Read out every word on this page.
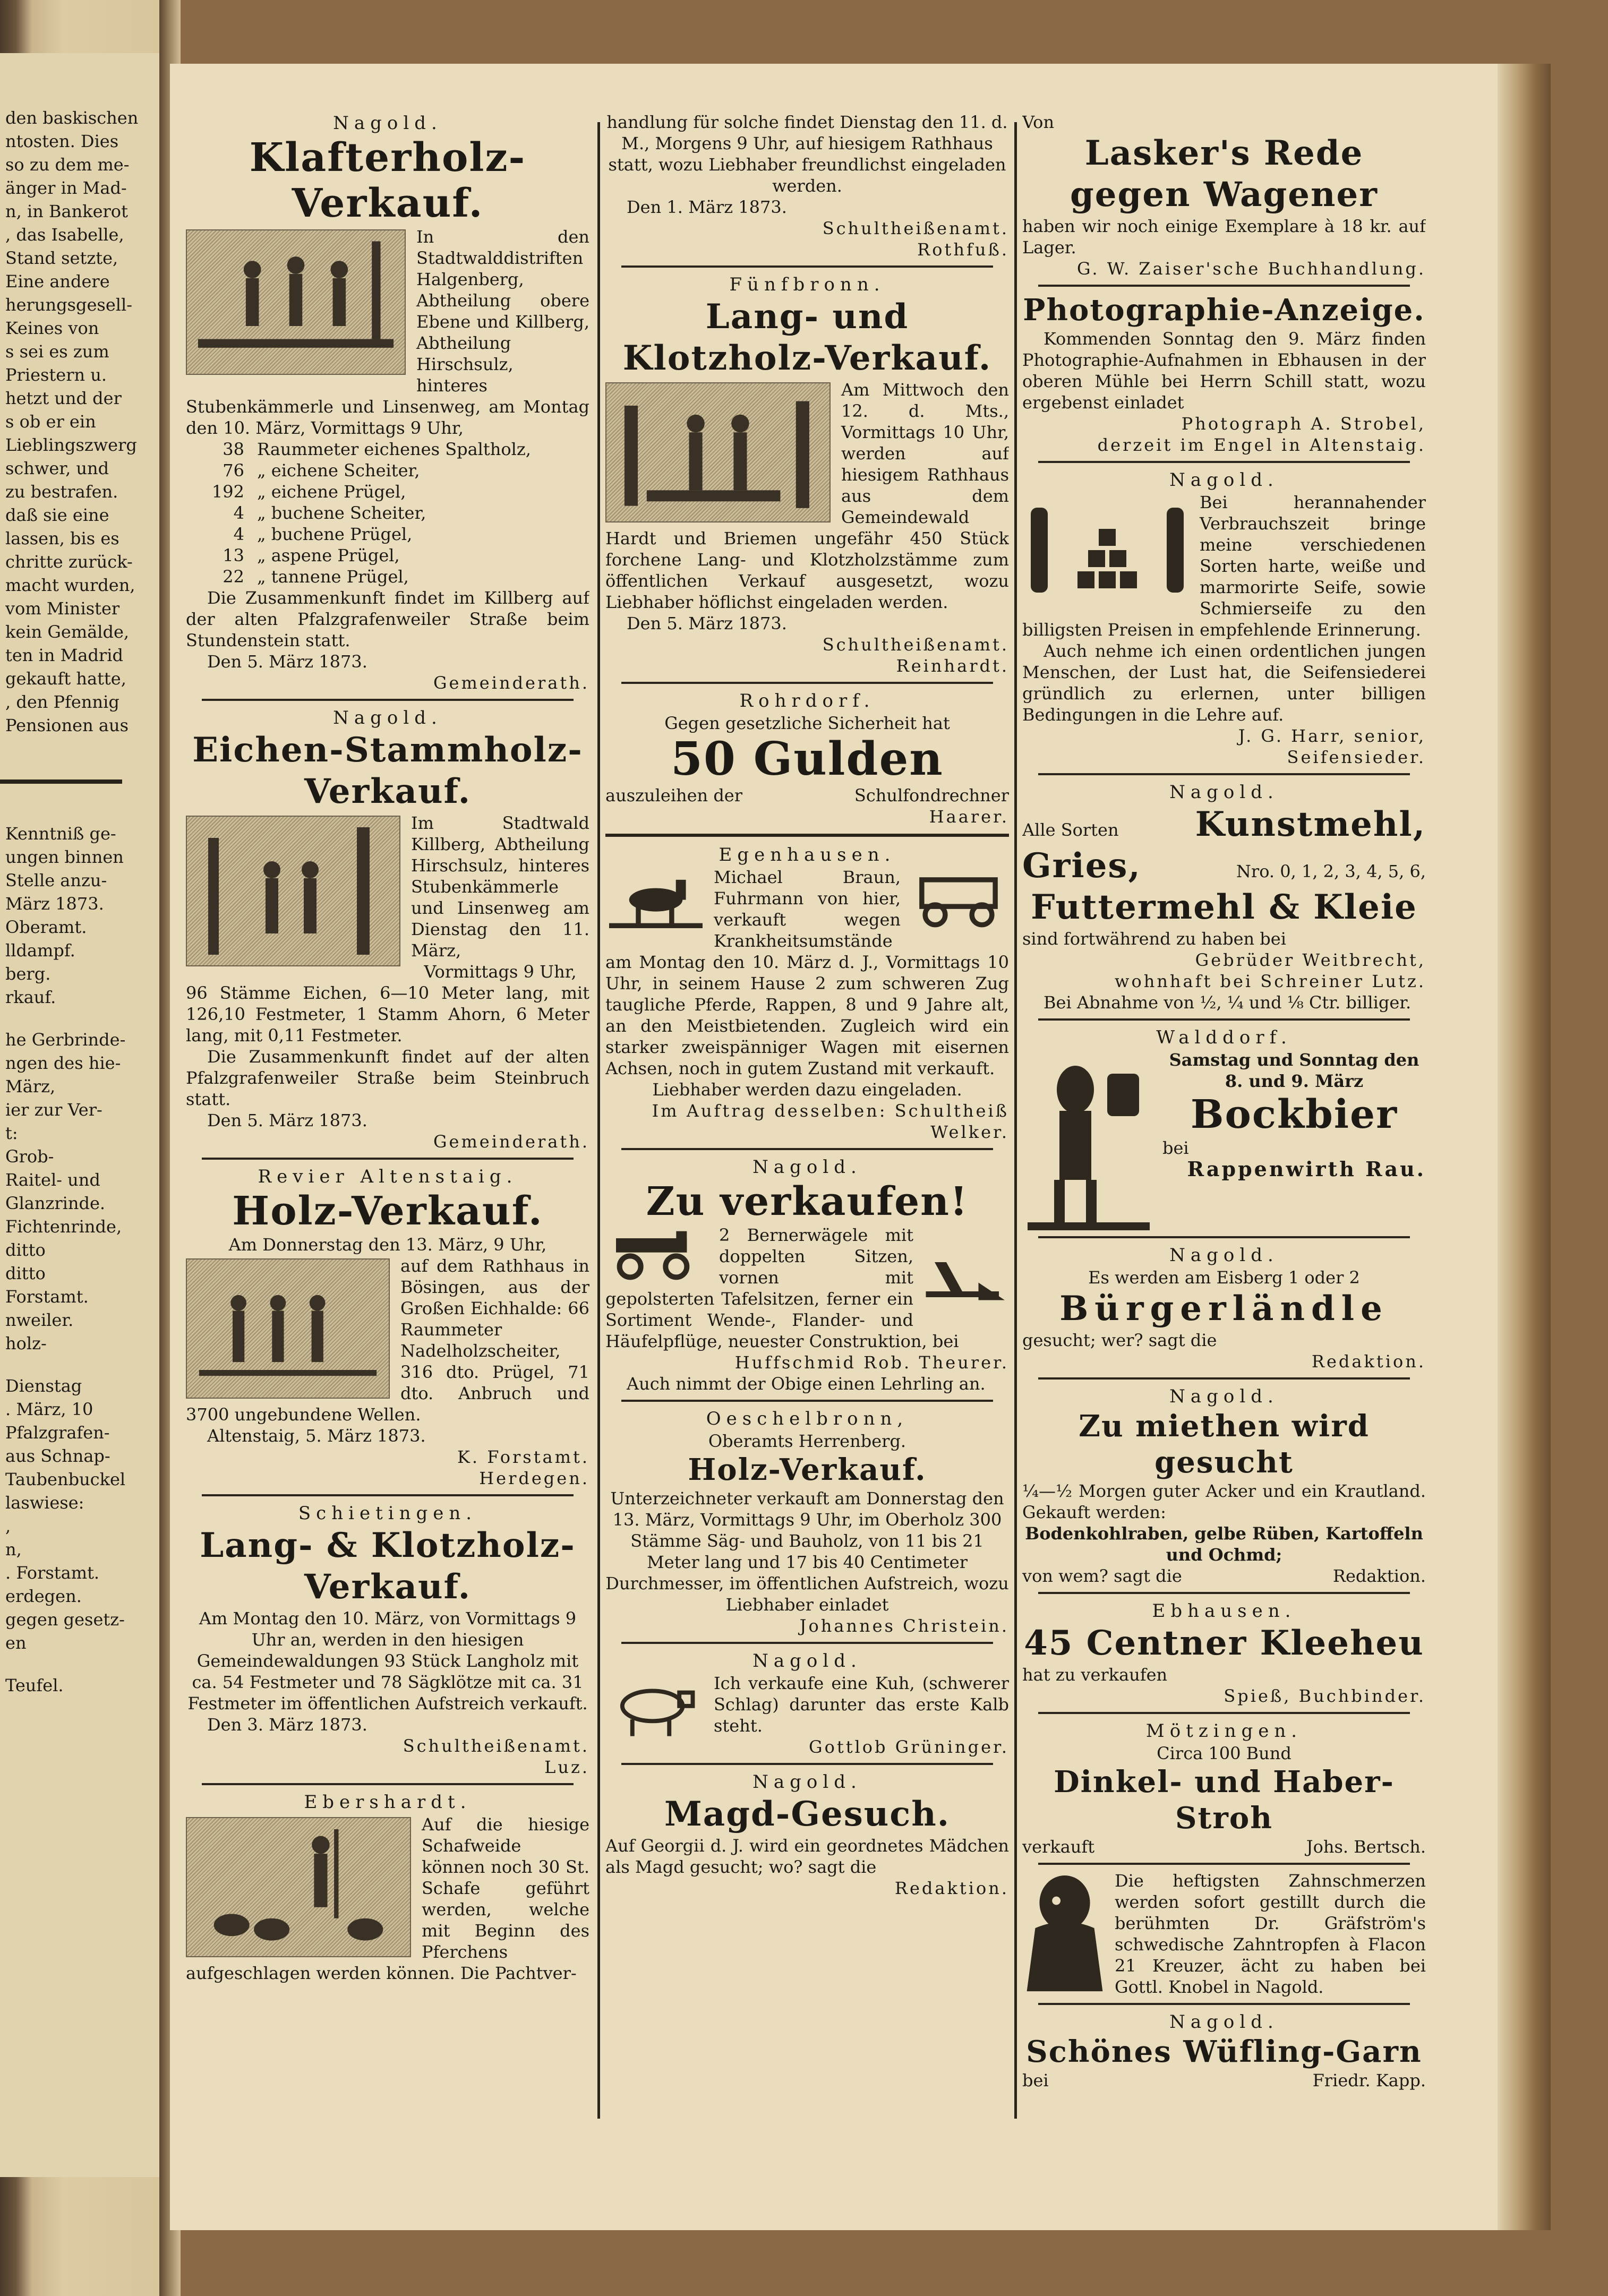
den baskischen
ntosten. Dies
so zu dem me-
änger in Mad-
n, in Bankerot
, das Isabelle,
Stand setzte,
Eine andere
herungsgesell-
Keines von
s sei es zum
Priestern u.
hetzt und der
s ob er ein
Lieblingszwerg
schwer, und
zu bestrafen.
daß sie eine
lassen, bis es
chritte zurück-
macht wurden,
vom Minister
kein Gemälde,
ten in Madrid
gekauft hatte,
, den Pfennig
Pensionen aus
Kenntniß ge-
ungen binnen
Stelle anzu-
März 1873.
Oberamt.
lldampf.
berg.
rkauf.
he Gerbrinde-
ngen des hie-
März,
ier zur Ver-
t:
Grob-
Raitel- und
Glanzrinde.
Fichtenrinde,
ditto
ditto
Forstamt.
nweiler.
holz-
Dienstag
. März, 10
Pfalzgrafen-
aus Schnap-
Taubenbuckel
laswiese:
,
n,
. Forstamt.
erdegen.
gegen gesetz-
en
Teufel.
Nagold.
Klafterholz-Verkauf.

In den Stadtwalddistriften Halgenberg, Abtheilung obere Ebene und Killberg, Abtheilung Hirschsulz, hinteres Stubenkämmerle und Linsenweg, am Montag den 10. März, Vormittags 9 Uhr,

38 Raummeter eichenes Spaltholz,
76 „ eichene Scheiter,
192 „ eichene Prügel,
4 „ buchene Scheiter,
4 „ buchene Prügel,
13 „ aspene Prügel,
22 „ tannene Prügel,

Die Zusammenkunft findet im Killberg auf der alten Pfalzgrafenweiler Straße beim Stundenstein statt.

Den 5. März 1873.
Gemeinderath.
Nagold.
Eichen-Stammholz-Verkauf.

Im Stadtwald Killberg, Abtheilung Hirschsulz, hinteres Stubenkämmerle und Linsenweg am Dienstag den 11. März,

Vormittags 9 Uhr,

96 Stämme Eichen, 6—10 Meter lang, mit 126,10 Festmeter, 1 Stamm Ahorn, 6 Meter lang, mit 0,11 Festmeter.

Die Zusammenkunft findet auf der alten Pfalzgrafenweiler Straße beim Steinbruch statt.

Den 5. März 1873.
Gemeinderath.
Revier Altenstaig.
Holz-Verkauf.
Am Donnerstag den 13. März, 9 Uhr,

auf dem Rathhaus in Bösingen, aus der Großen Eichhalde: 66 Raummeter Nadelholzscheiter, 316 dto. Prügel, 71 dto. Anbruch und 3700 ungebundene Wellen.

Altenstaig, 5. März 1873.
K. Forstamt.
Herdegen.
Schietingen.
Lang- & Klotzholz-Verkauf.

Am Montag den 10. März, von Vormittags 9 Uhr an, werden in den hiesigen Gemeindewaldungen 93 Stück Langholz mit ca. 54 Festmeter und 78 Sägklötze mit ca. 31 Festmeter im öffentlichen Aufstreich verkauft.

Den 3. März 1873.
Schultheißenamt.
Luz.
Ebershardt.

Auf die hiesige Schafweide können noch 30 St. Schafe geführt werden, welche mit Beginn des Pferchens aufgeschlagen werden können. Die Pachtver-

handlung für solche findet Dienstag den 11. d. M., Morgens 9 Uhr, auf hiesigem Rathhaus statt, wozu Liebhaber freundlichst eingeladen werden.

Den 1. März 1873.
Schultheißenamt.
Rothfuß.
Fünfbronn.
Lang- und Klotzholz-Verkauf.

Am Mittwoch den 12. d. Mts., Vormittags 10 Uhr, werden auf hiesigem Rathhaus aus dem Gemeindewald Hardt und Briemen ungefähr 450 Stück forchene Lang- und Klotzholzstämme zum öffentlichen Verkauf ausgesetzt, wozu Liebhaber höflichst eingeladen werden.

Den 5. März 1873.
Schultheißenamt.
Reinhardt.
Rohrdorf.
Gegen gesetzliche Sicherheit hat
50 Gulden
auszuleihen der	Schulfondrechner
Haarer.
Egenhausen.

Michael Braun, Fuhrmann von hier, verkauft wegen Krankheitsumstände am Montag den 10. März d. J., Vormittags 10 Uhr, in seinem Hause 2 zum schweren Zug taugliche Pferde, Rappen, 8 und 9 Jahre alt, an den Meistbietenden. Zugleich wird ein starker zweispänniger Wagen mit eisernen Achsen, noch in gutem Zustand mit verkauft.

Liebhaber werden dazu eingeladen.
Im Auftrag desselben: Schultheiß Welker.
Nagold.
Zu verkaufen!

2 Bernerwägele mit doppelten Sitzen, vornen mit gepolsterten Tafelsitzen, ferner ein Sortiment Wende-, Flander- und Häufelpflüge, neuester Construktion, bei

Huffschmid Rob. Theurer.

Auch nimmt der Obige einen Lehrling an.

Oeschelbronn,
Oberamts Herrenberg.
Holz-Verkauf.

Unterzeichneter verkauft am Donnerstag den 13. März, Vormittags 9 Uhr, im Oberholz 300 Stämme Säg- und Bauholz, von 11 bis 21 Meter lang und 17 bis 40 Centimeter Durchmesser, im öffentlichen Aufstreich, wozu Liebhaber einladet

Johannes Christein.
Nagold.

Ich verkaufe eine Kuh, (schwerer Schlag) darunter das erste Kalb steht.

Gottlob Grüninger.
Nagold.
Magd-Gesuch.

Auf Georgii d. J. wird ein geordnetes Mädchen als Magd gesucht; wo? sagt die

Redaktion.
Von
Lasker's Rede gegen Wagener

haben wir noch einige Exemplare à 18 kr. auf Lager.

G. W. Zaiser'sche Buchhandlung.
Photographie-Anzeige.

Kommenden Sonntag den 9. März finden Photographie-Aufnahmen in Ebhausen in der oberen Mühle bei Herrn Schill statt, wozu ergebenst einladet

Photograph A. Strobel,
derzeit im Engel in Altenstaig.
Nagold.

Bei herannahender Verbrauchszeit bringe meine verschiedenen Sorten harte, weiße und marmorirte Seife, sowie Schmierseife zu den billigsten Preisen in empfehlende Erinnerung.

Auch nehme ich einen ordentlichen jungen Menschen, der Lust hat, die Seifensiederei gründlich zu erlernen, unter billigen Bedingungen in die Lehre auf.

J. G. Harr, senior,
Seifensieder.
Nagold.
Alle Sorten Kunstmehl,
Gries,	Nro. 0, 1, 2, 3, 4, 5, 6,
Futtermehl & Kleie

sind fortwährend zu haben bei

Gebrüder Weitbrecht,
wohnhaft bei Schreiner Lutz.

Bei Abnahme von ½, ¼ und ⅛ Ctr. billiger.

Walddorf.
Samstag und Sonntag den 8. und 9. März
Bockbier
bei
Rappenwirth Rau.
Nagold.
Es werden am Eisberg 1 oder 2
Bürgerländle
gesucht; wer? sagt die
Redaktion.
Nagold.
Zu miethen wird gesucht

¼—½ Morgen guter Acker und ein Krautland. Gekauft werden:

Bodenkohlraben, gelbe Rüben, Kartoffeln und Ochmd;

von wem? sagt die	Redaktion.
Ebhausen.
45 Centner Kleeheu
hat zu verkaufen
Spieß, Buchbinder.
Mötzingen.
Circa 100 Bund
Dinkel- und Haber-Stroh
verkauft	Johs. Bertsch.

Die heftigsten Zahnschmerzen werden sofort gestillt durch die berühmten Dr. Gräfström's schwedische Zahntropfen à Flacon 21 Kreuzer, ächt zu haben bei Gottl. Knobel in Nagold.

Nagold.
Schönes Wüfling-Garn
bei	Friedr. Kapp.
